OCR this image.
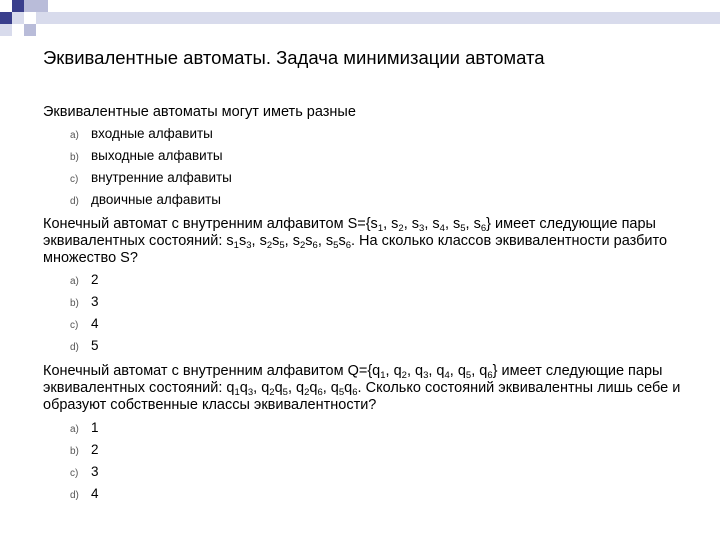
Эквивалентные автоматы. Задача минимизации автомата
Эквивалентные автоматы могут иметь разные
a) входные алфавиты
b) выходные алфавиты
c) внутренние алфавиты
d) двоичные алфавиты
Конечный автомат с внутренним алфавитом $S=\{s_1$, $s_2$, $s_3$, $s_4$, $s_5$, $s_6$} имеет следующие пары эквивалентных состояний: $s_1s_3$, $s_2s_5$, $s_2s_6$, $s_5s_6$. На сколько классов эквивалентности разбито множество S?
a) 2
b) 3
c) 4
d) 5
Конечный автомат с внутренним алфавитом $Q=\{q_1$, $q_2$, $q_3$, $q_4$, $q_5$, $q_6$} имеет следующие пары эквивалентных состояний: $q_1q_3$, $q_2q_5$, $q_2q_6$, $q_5q_6$. Сколько состояний эквивалентны лишь себе и образуют собственные классы эквивалентности?
a) 1
b) 2
c) 3
d) 4
